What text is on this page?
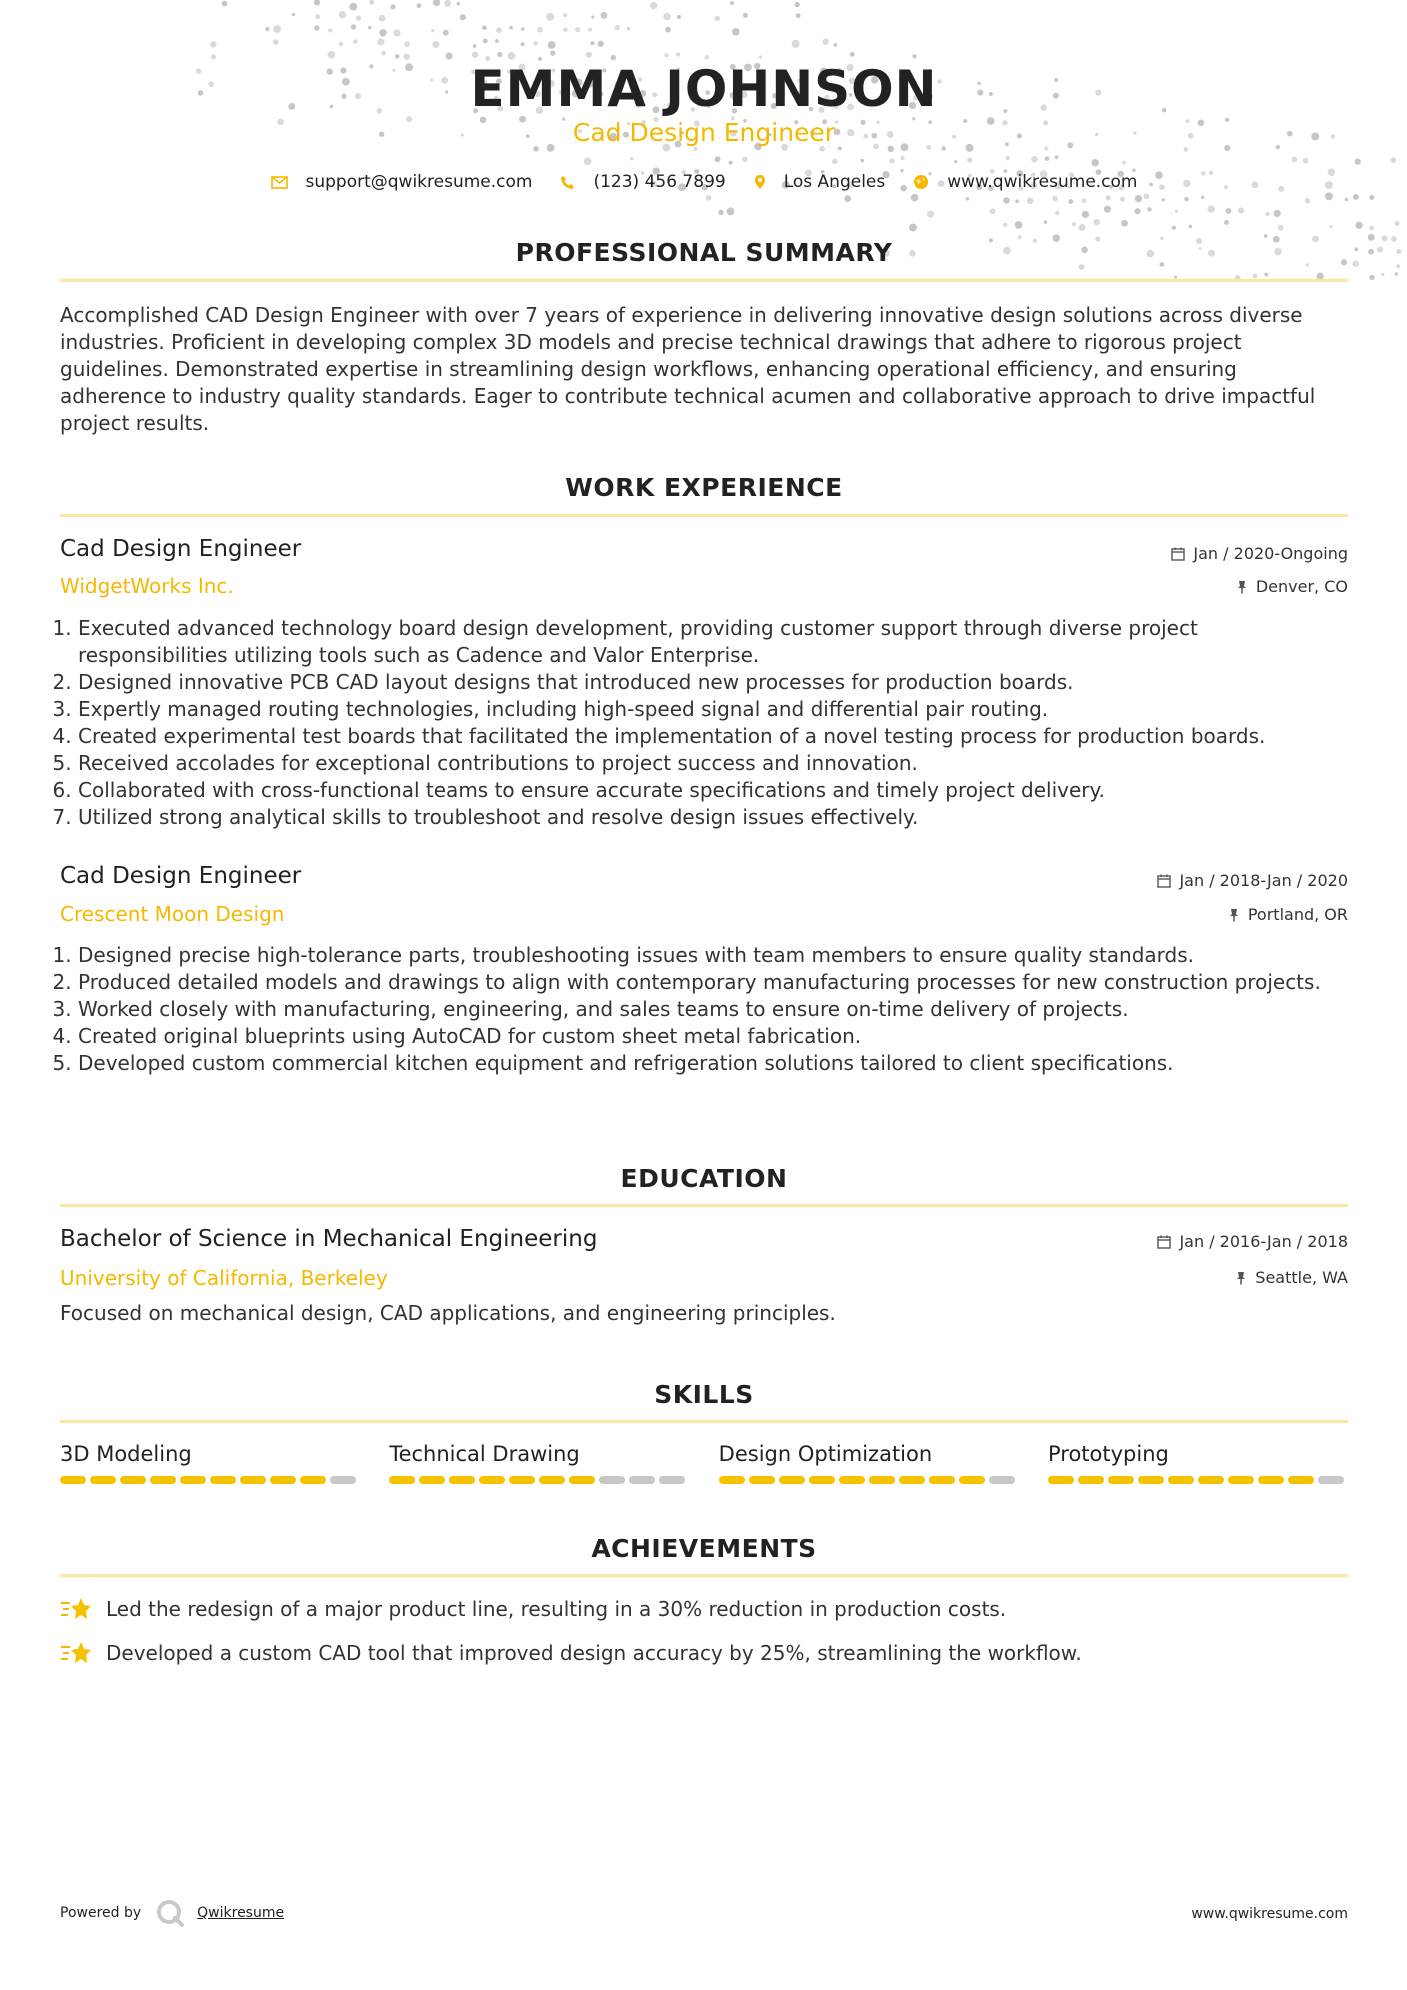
EMMA JOHNSON
Cad Design Engineer
support@qwikresume.com	(123) 456 7899	Los Angeles	www.qwikresume.com
PROFESSIONAL SUMMARY
Accomplished CAD Design Engineer with over 7 years of experience in delivering innovative design solutions across diverse industries. Proficient in developing complex 3D models and precise technical drawings that adhere to rigorous project guidelines. Demonstrated expertise in streamlining design workflows, enhancing operational efficiency, and ensuring adherence to industry quality standards. Eager to contribute technical acumen and collaborative approach to drive impactful project results.
WORK EXPERIENCE
Cad Design Engineer	Jan / 2020-Ongoing
WidgetWorks Inc.	Denver, CO
1. Executed advanced technology board design development, providing customer support through diverse project responsibilities utilizing tools such as Cadence and Valor Enterprise.
2. Designed innovative PCB CAD layout designs that introduced new processes for production boards.
3. Expertly managed routing technologies, including high-speed signal and differential pair routing.
4. Created experimental test boards that facilitated the implementation of a novel testing process for production boards.
5. Received accolades for exceptional contributions to project success and innovation.
6. Collaborated with cross-functional teams to ensure accurate specifications and timely project delivery.
7. Utilized strong analytical skills to troubleshoot and resolve design issues effectively.
Cad Design Engineer	Jan / 2018-Jan / 2020
Crescent Moon Design	Portland, OR
1. Designed precise high-tolerance parts, troubleshooting issues with team members to ensure quality standards.
2. Produced detailed models and drawings to align with contemporary manufacturing processes for new construction projects.
3. Worked closely with manufacturing, engineering, and sales teams to ensure on-time delivery of projects.
4. Created original blueprints using AutoCAD for custom sheet metal fabrication.
5. Developed custom commercial kitchen equipment and refrigeration solutions tailored to client specifications.
EDUCATION
Bachelor of Science in Mechanical Engineering	Jan / 2016-Jan / 2018
University of California, Berkeley	Seattle, WA
Focused on mechanical design, CAD applications, and engineering principles.
SKILLS
3D Modeling	Technical Drawing	Design Optimization	Prototyping
ACHIEVEMENTS
Led the redesign of a major product line, resulting in a 30% reduction in production costs.
Developed a custom CAD tool that improved design accuracy by 25%, streamlining the workflow.
Powered by	Qwikresume	www.qwikresume.com
